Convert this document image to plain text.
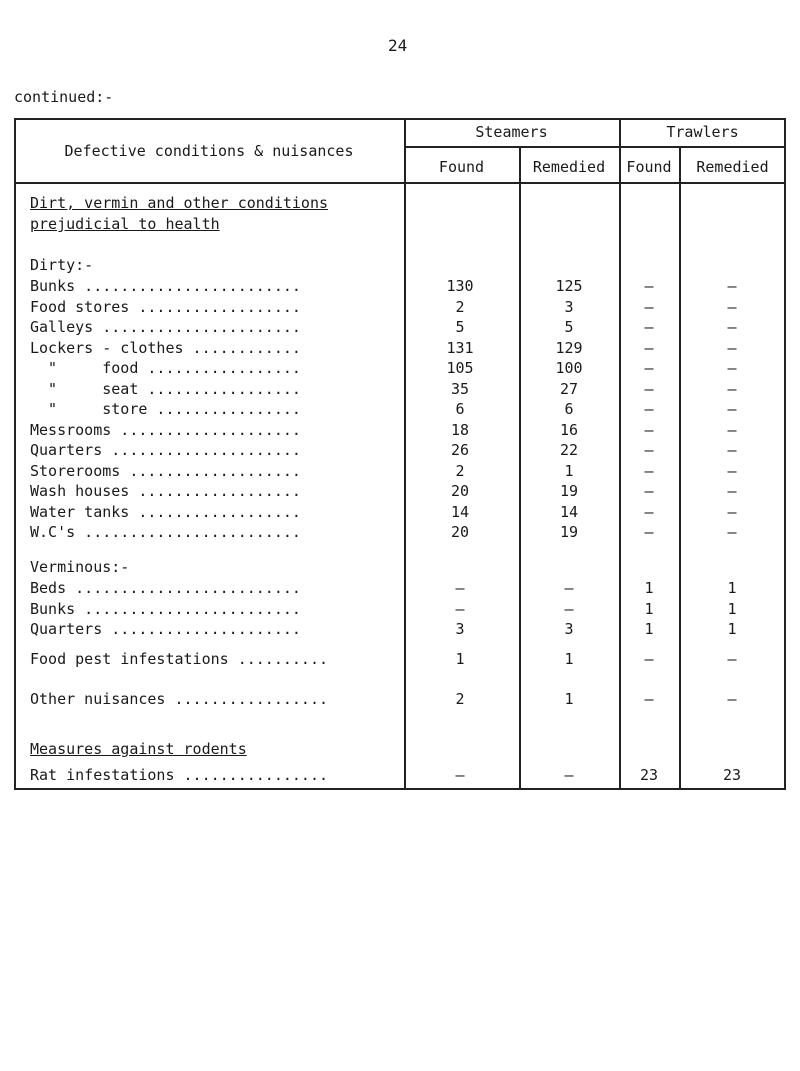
24
continued:-
Defective conditions & nuisances
Steamers	Trawlers
Found	Remedied	Found	Remedied
Dirt, vermin and other conditions
prejudicial to health
Dirty:-
Bunks ........................	130	125	–	–
Food stores ..................	2	3	–	–
Galleys ......................	5	5	–	–
Lockers - clothes ............	131	129	–	–
"     food .................	105	100	–	–
"     seat .................	35	27	–	–
"     store ................	6	6	–	–
Messrooms ....................	18	16	–	–
Quarters .....................	26	22	–	–
Storerooms ...................	2	1	–	–
Wash houses ..................	20	19	–	–
Water tanks ..................	14	14	–	–
W.C's ........................	20	19	–	–
Verminous:-
Beds .........................	–	–	1	1
Bunks ........................	–	–	1	1
Quarters .....................	3	3	1	1
Food pest infestations ..........	1	1	–	–
Other nuisances .................	2	1	–	–
Measures against rodents
Rat infestations ................	–	–	23	23
